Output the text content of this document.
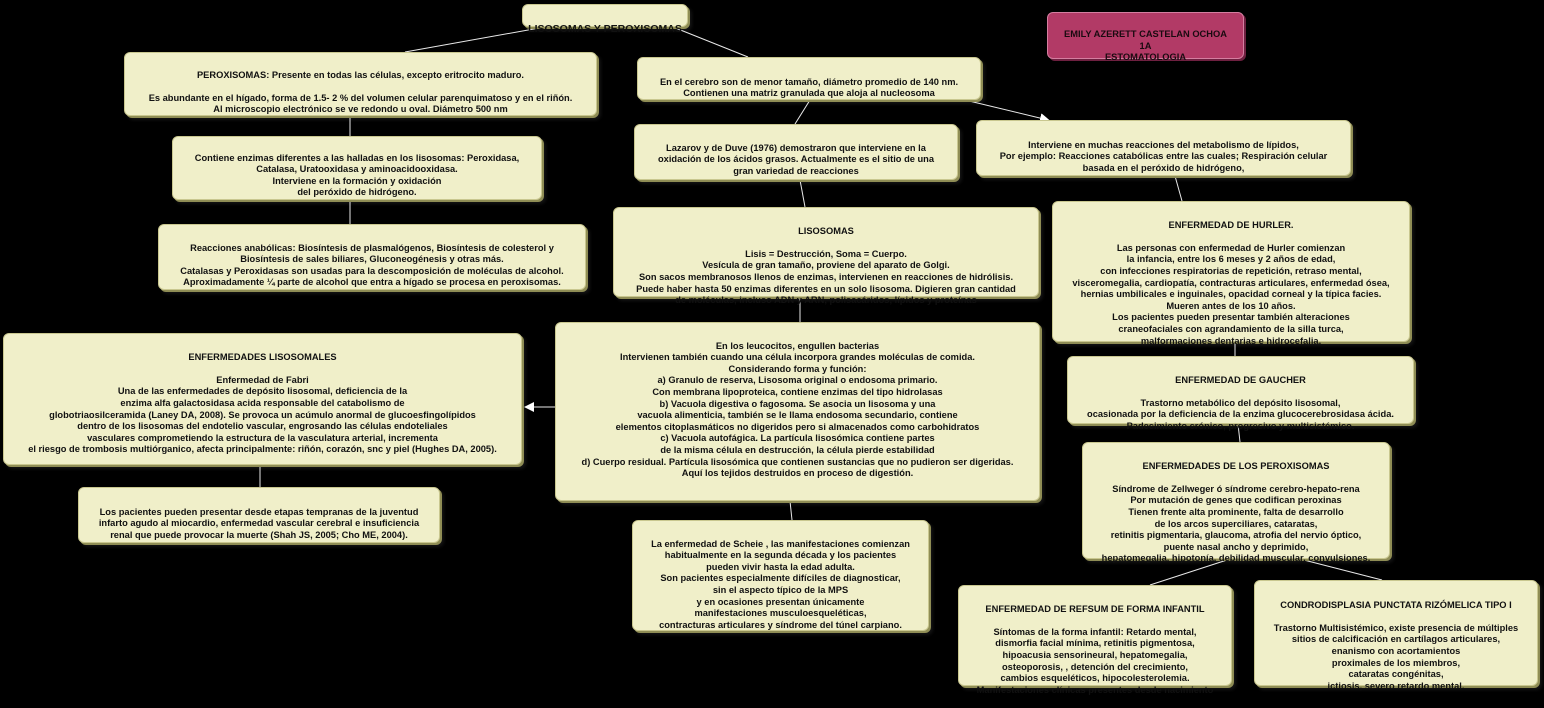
LISOSOMAS Y PEROXISOMAS	EMILY AZERETT CASTELAN OCHOA
1A
ESTOMATOLOGIA

PEROXISOMAS: Presente en todas las células, excepto eritrocito maduro.

Es abundante en el hígado, forma de 1.5- 2 % del volumen celular parenquimatoso y en el riñón.
Al microscopio electrónico se ve redondo u oval. Diámetro 500 nm

Contiene enzimas diferentes a las halladas en los lisosomas: Peroxidasa,
Catalasa, Uratooxidasa y aminoacidooxidasa.
Interviene en la formación y oxidación
del peróxido de hidrógeno.

Reacciones anabólicas: Biosíntesis de plasmalógenos, Biosíntesis de colesterol y
Biosíntesis de sales biliares, Gluconeogénesis y otras más.
Catalasas y Peroxidasas son usadas para la descomposición de moléculas de alcohol.
Aproximadamente ¼ parte de alcohol que entra a hígado se procesa en peroxisomas.

En el cerebro son de menor tamaño, diámetro promedio de 140 nm.
Contienen una matriz granulada que aloja al nucleosoma

Lazarov y de Duve (1976) demostraron que interviene en la
oxidación de los ácidos grasos. Actualmente es el sitio de una
gran variedad de reacciones

Interviene en muchas reacciones del metabolismo de lípidos,
Por ejemplo: Reacciones catabólicas entre las cuales; Respiración celular
basada en el peróxido de hidrógeno,

LISOSOMAS

Lisis = Destrucción, Soma = Cuerpo.
Vesícula de gran tamaño, proviene del aparato de Golgi.
Son sacos membranosos llenos de enzimas, intervienen en reacciones de hidrólisis.
Puede haber hasta 50 enzimas diferentes en un solo lisosoma. Digieren gran cantidad
de moléculas, incluso ADN y ARN, polisacáridos, lípidos y proteínas

ENFERMEDAD DE HURLER.

Las personas con enfermedad de Hurler comienzan
la infancia, entre los 6 meses y 2 años de edad,
con infecciones respiratorias de repetición, retraso mental,
visceromegalia, cardiopatía, contracturas articulares, enfermedad ósea,
hernias umbilicales e inguinales, opacidad corneal y la típica facies.
Mueren antes de los 10 años.
Los pacientes pueden presentar también alteraciones
craneofaciales con agrandamiento de la silla turca,
malformaciones dentarias e hidrocefalia.

En los leucocitos, engullen bacterias
Intervienen también cuando una célula incorpora grandes moléculas de comida.
Considerando forma y función:
a) Granulo de reserva, Lisosoma original o endosoma primario.
Con membrana lipoproteica, contiene enzimas del tipo hidrolasas
b) Vacuola digestiva o fagosoma. Se asocia un lisosoma y una
vacuola alimenticia, también se le llama endosoma secundario, contiene
elementos citoplasmáticos no digeridos pero si almacenados como carbohidratos
c) Vacuola autofágica. La partícula lisosómica contiene partes
de la misma célula en destrucción, la célula pierde estabilidad
d) Cuerpo residual. Partícula lisosómica que contienen sustancias que no pudieron ser digeridas.
Aquí los tejidos destruidos en proceso de digestión.

ENFERMEDADES LISOSOMALES

Enfermedad de Fabri
Una de las enfermedades de depósito lisosomal, deficiencia de la
enzima alfa galactosidasa acida responsable del catabolismo de
globotriaosilceramida (Laney DA, 2008). Se provoca un acúmulo anormal de glucoesfingolípidos
dentro de los lisosomas del endotelio vascular, engrosando las células endoteliales
vasculares comprometiendo la estructura de la vasculatura arterial, incrementa
el riesgo de trombosis multiórganico, afecta principalmente: riñón, corazón, snc y piel (Hughes DA, 2005).

ENFERMEDAD DE GAUCHER

Trastorno metabólico del depósito lisosomal,
ocasionada por la deficiencia de la enzima glucocerebrosidasa ácida.
Padecimiento crónico, progresivo y multisistémico.

Los pacientes pueden presentar desde etapas tempranas de la juventud
infarto agudo al miocardio, enfermedad vascular cerebral e insuficiencia
renal que puede provocar la muerte (Shah JS, 2005; Cho ME, 2004).

ENFERMEDADES DE LOS PEROXISOMAS

Síndrome de Zellweger ó síndrome cerebro-hepato-rena
Por mutación de genes que codifican peroxinas
Tienen frente alta prominente, falta de desarrollo
de los arcos superciliares, cataratas,
retinitis pigmentaria, glaucoma, atrofia del nervio óptico,
puente nasal ancho y deprimido,
hepatomegalia, hipotonía, debilidad muscular, convulsiones.

La enfermedad de Scheie , las manifestaciones comienzan
habitualmente en la segunda década y los pacientes
pueden vivir hasta la edad adulta.
Son pacientes especialmente difíciles de diagnosticar,
sin el aspecto típico de la MPS
y en ocasiones presentan únicamente
manifestaciones musculoesqueléticas,
contracturas articulares y síndrome del túnel carpiano.

ENFERMEDAD DE REFSUM DE FORMA INFANTIL

Síntomas de la forma infantil: Retardo mental,
dismorfia facial mínima, retinitis pigmentosa,
hipoacusia sensorineural, hepatomegalia,
osteoporosis, , detención del crecimiento,
cambios esqueléticos, hipocolesterolemia.
Manifestaciones clínicas presentes desde nacimiento

CONDRODISPLASIA PUNCTATA RIZÓMELICA TIPO I

Trastorno Multisistémico, existe presencia de múltiples
sitios de calcificación en cartílagos articulares,
enanismo con acortamientos
proximales de los miembros,
cataratas congénitas,
ictiosis, severo retardo mental.
